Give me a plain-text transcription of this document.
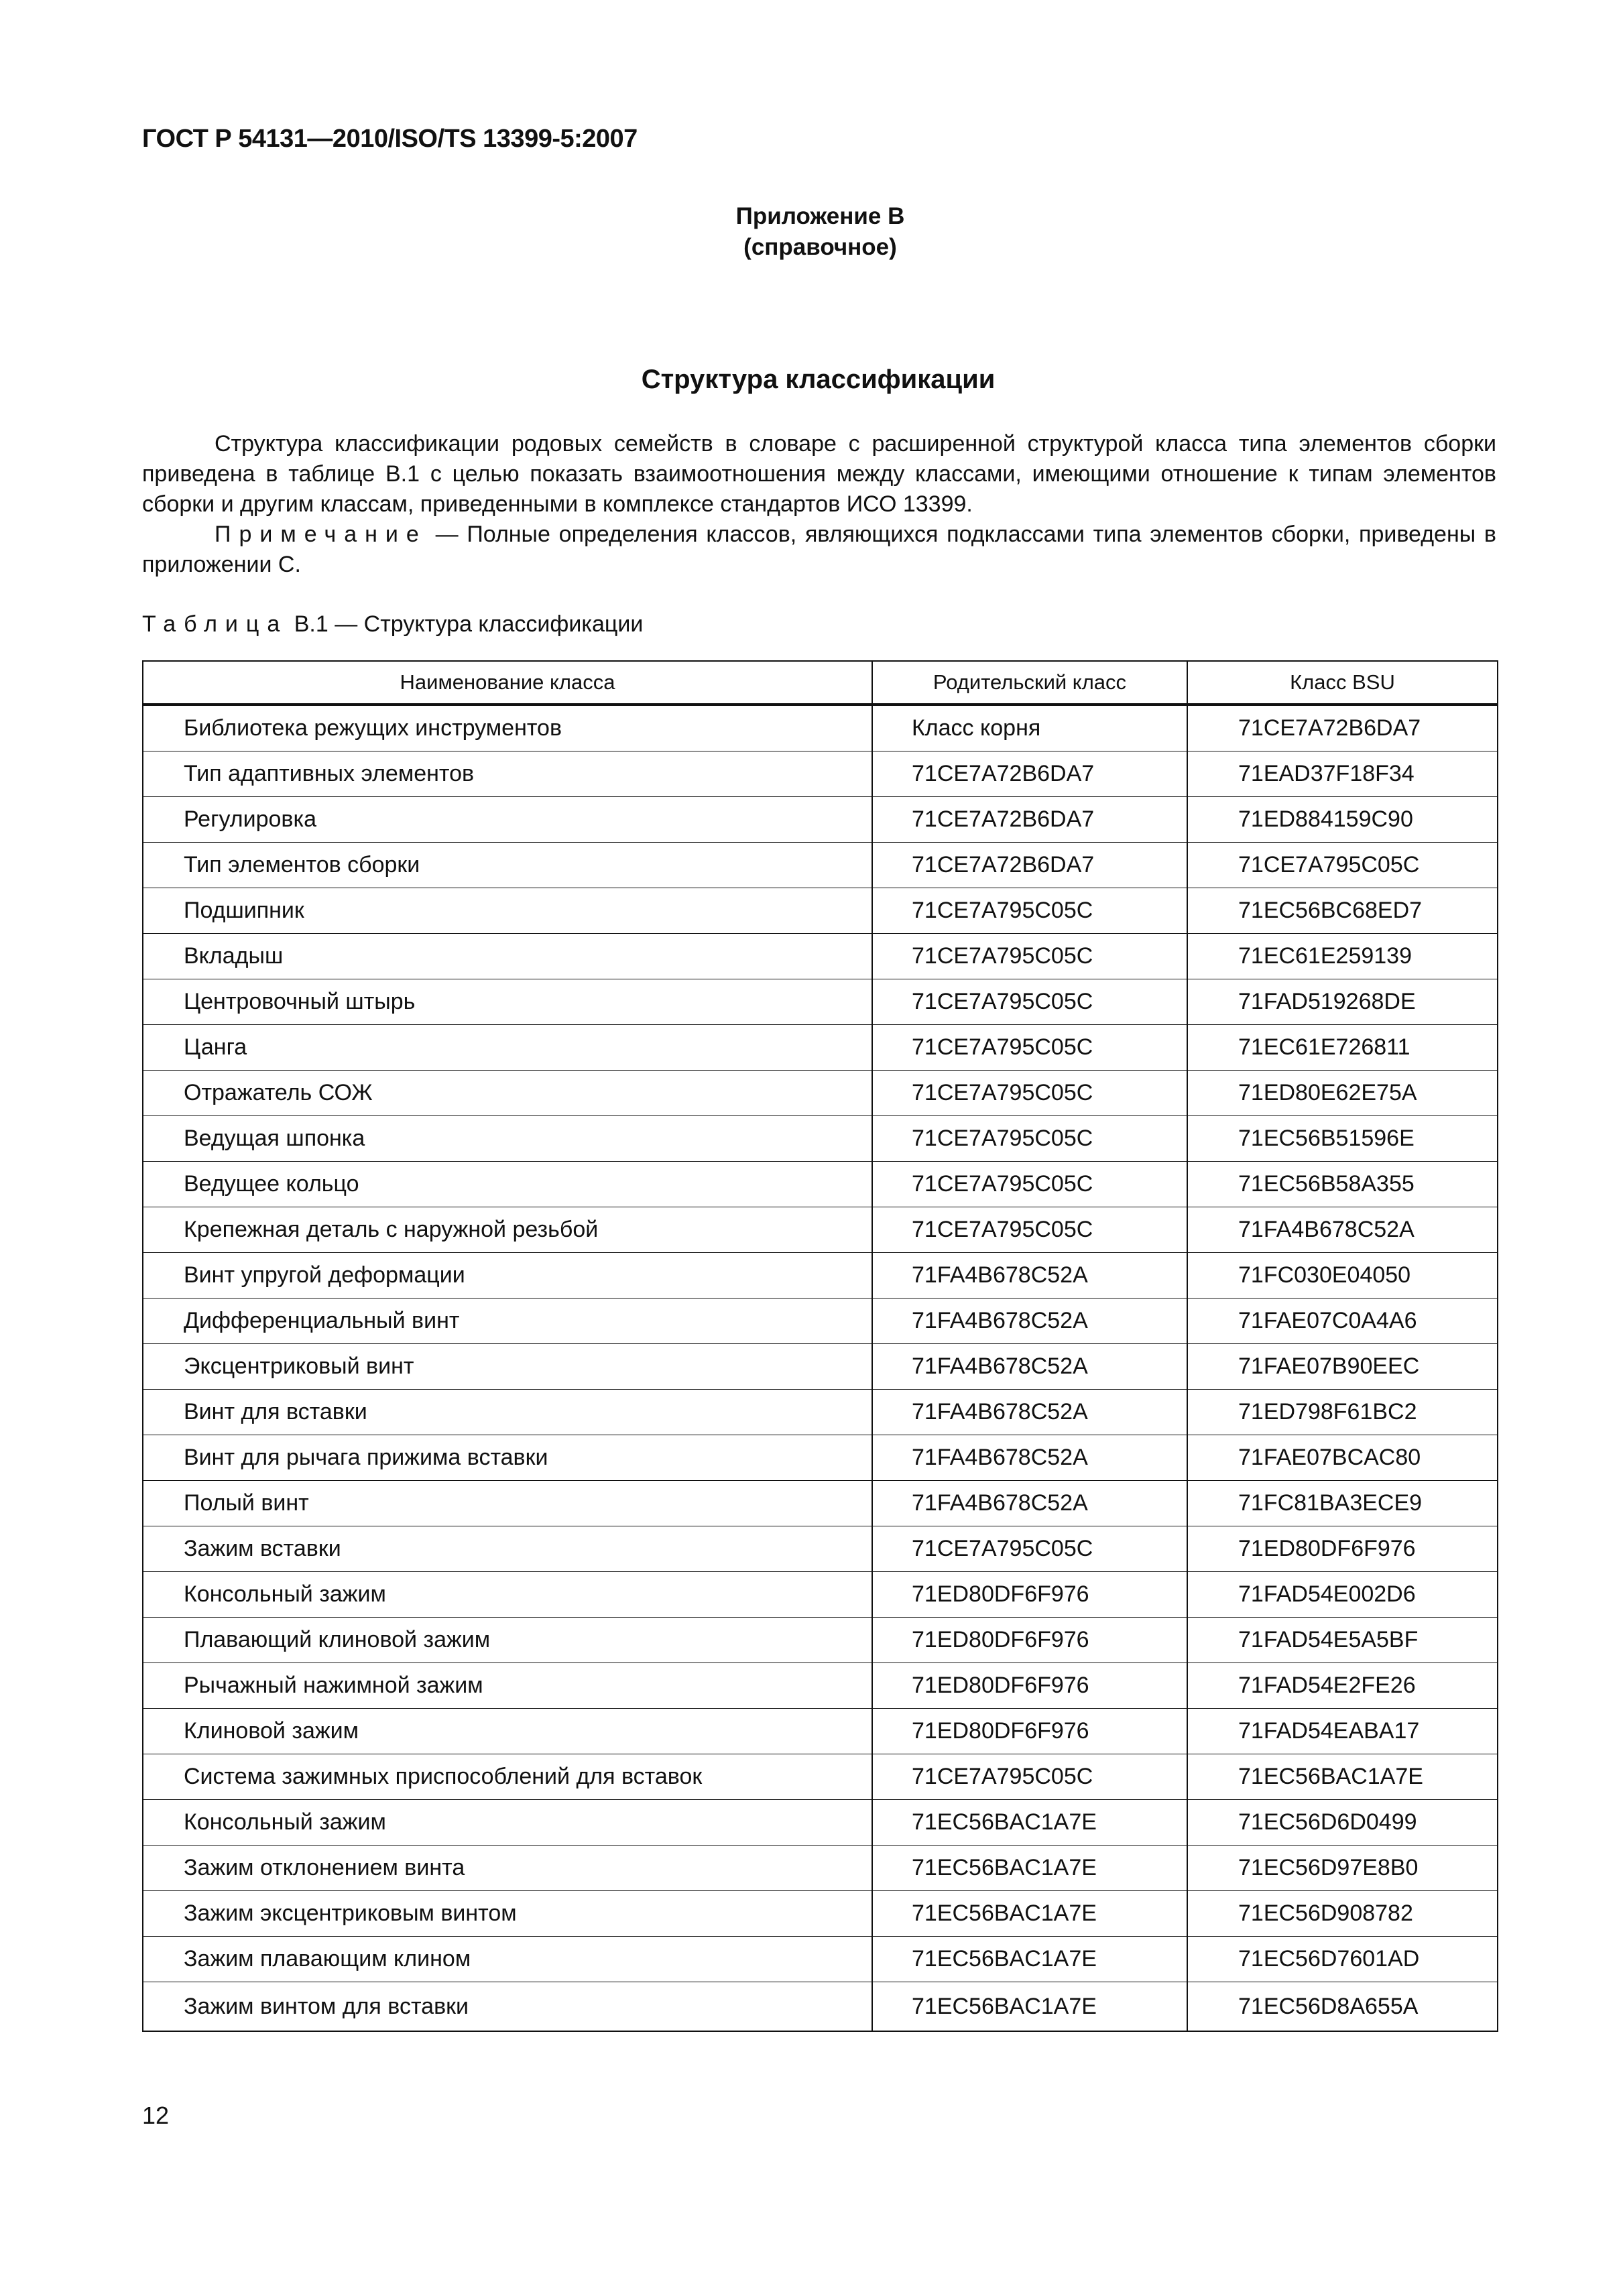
ГОСТ Р 54131—2010/ISO/TS 13399-5:2007
Приложение В
(справочное)
Структура классификации

Структура классификации родовых семейств в словаре с расширенной структурой класса типа элементов сборки приведена в таблице В.1 с целью показать взаимоотношения между классами, имеющими отношение к типам элементов сборки и другим классам, приведенными в комплексе стандартов ИСО 13399.

Примечание — Полные определения классов, являющихся подклассами типа элементов сборки, приведены в приложении С.

Таблица В.1 — Структура классификации
Наименование класса	Родительский класс	Класс BSU
Библиотека режущих инструментов	Класс корня	71CE7A72B6DA7
Тип адаптивных элементов	71CE7A72B6DA7	71EAD37F18F34
Регулировка	71CE7A72B6DA7	71ED884159C90
Тип элементов сборки	71CE7A72B6DA7	71CE7A795C05C
Подшипник	71CE7A795C05C	71EC56BC68ED7
Вкладыш	71CE7A795C05C	71EC61E259139
Центровочный штырь	71CE7A795C05C	71FAD519268DE
Цанга	71CE7A795C05C	71EC61E726811
Отражатель СОЖ	71CE7A795C05C	71ED80E62E75A
Ведущая шпонка	71CE7A795C05C	71EC56B51596E
Ведущее кольцо	71CE7A795C05C	71EC56B58A355
Крепежная деталь с наружной резьбой	71CE7A795C05C	71FA4B678C52A
Винт упругой деформации	71FA4B678C52A	71FC030E04050
Дифференциальный винт	71FA4B678C52A	71FAE07C0A4A6
Эксцентриковый винт	71FA4B678C52A	71FAE07B90EEC
Винт для вставки	71FA4B678C52A	71ED798F61BC2
Винт для рычага прижима вставки	71FA4B678C52A	71FAE07BCAC80
Полый винт	71FA4B678C52A	71FC81BA3ECE9
Зажим вставки	71CE7A795C05C	71ED80DF6F976
Консольный зажим	71ED80DF6F976	71FAD54E002D6
Плавающий клиновой зажим	71ED80DF6F976	71FAD54E5A5BF
Рычажный нажимной зажим	71ED80DF6F976	71FAD54E2FE26
Клиновой зажим	71ED80DF6F976	71FAD54EABA17
Система зажимных приспособлений для вставок	71CE7A795C05C	71EC56BAC1A7E
Консольный зажим	71EC56BAC1A7E	71EC56D6D0499
Зажим отклонением винта	71EC56BAC1A7E	71EC56D97E8B0
Зажим эксцентриковым винтом	71EC56BAC1A7E	71EC56D908782
Зажим плавающим клином	71EC56BAC1A7E	71EC56D7601AD
Зажим винтом для вставки	71EC56BAC1A7E	71EC56D8A655A
12
